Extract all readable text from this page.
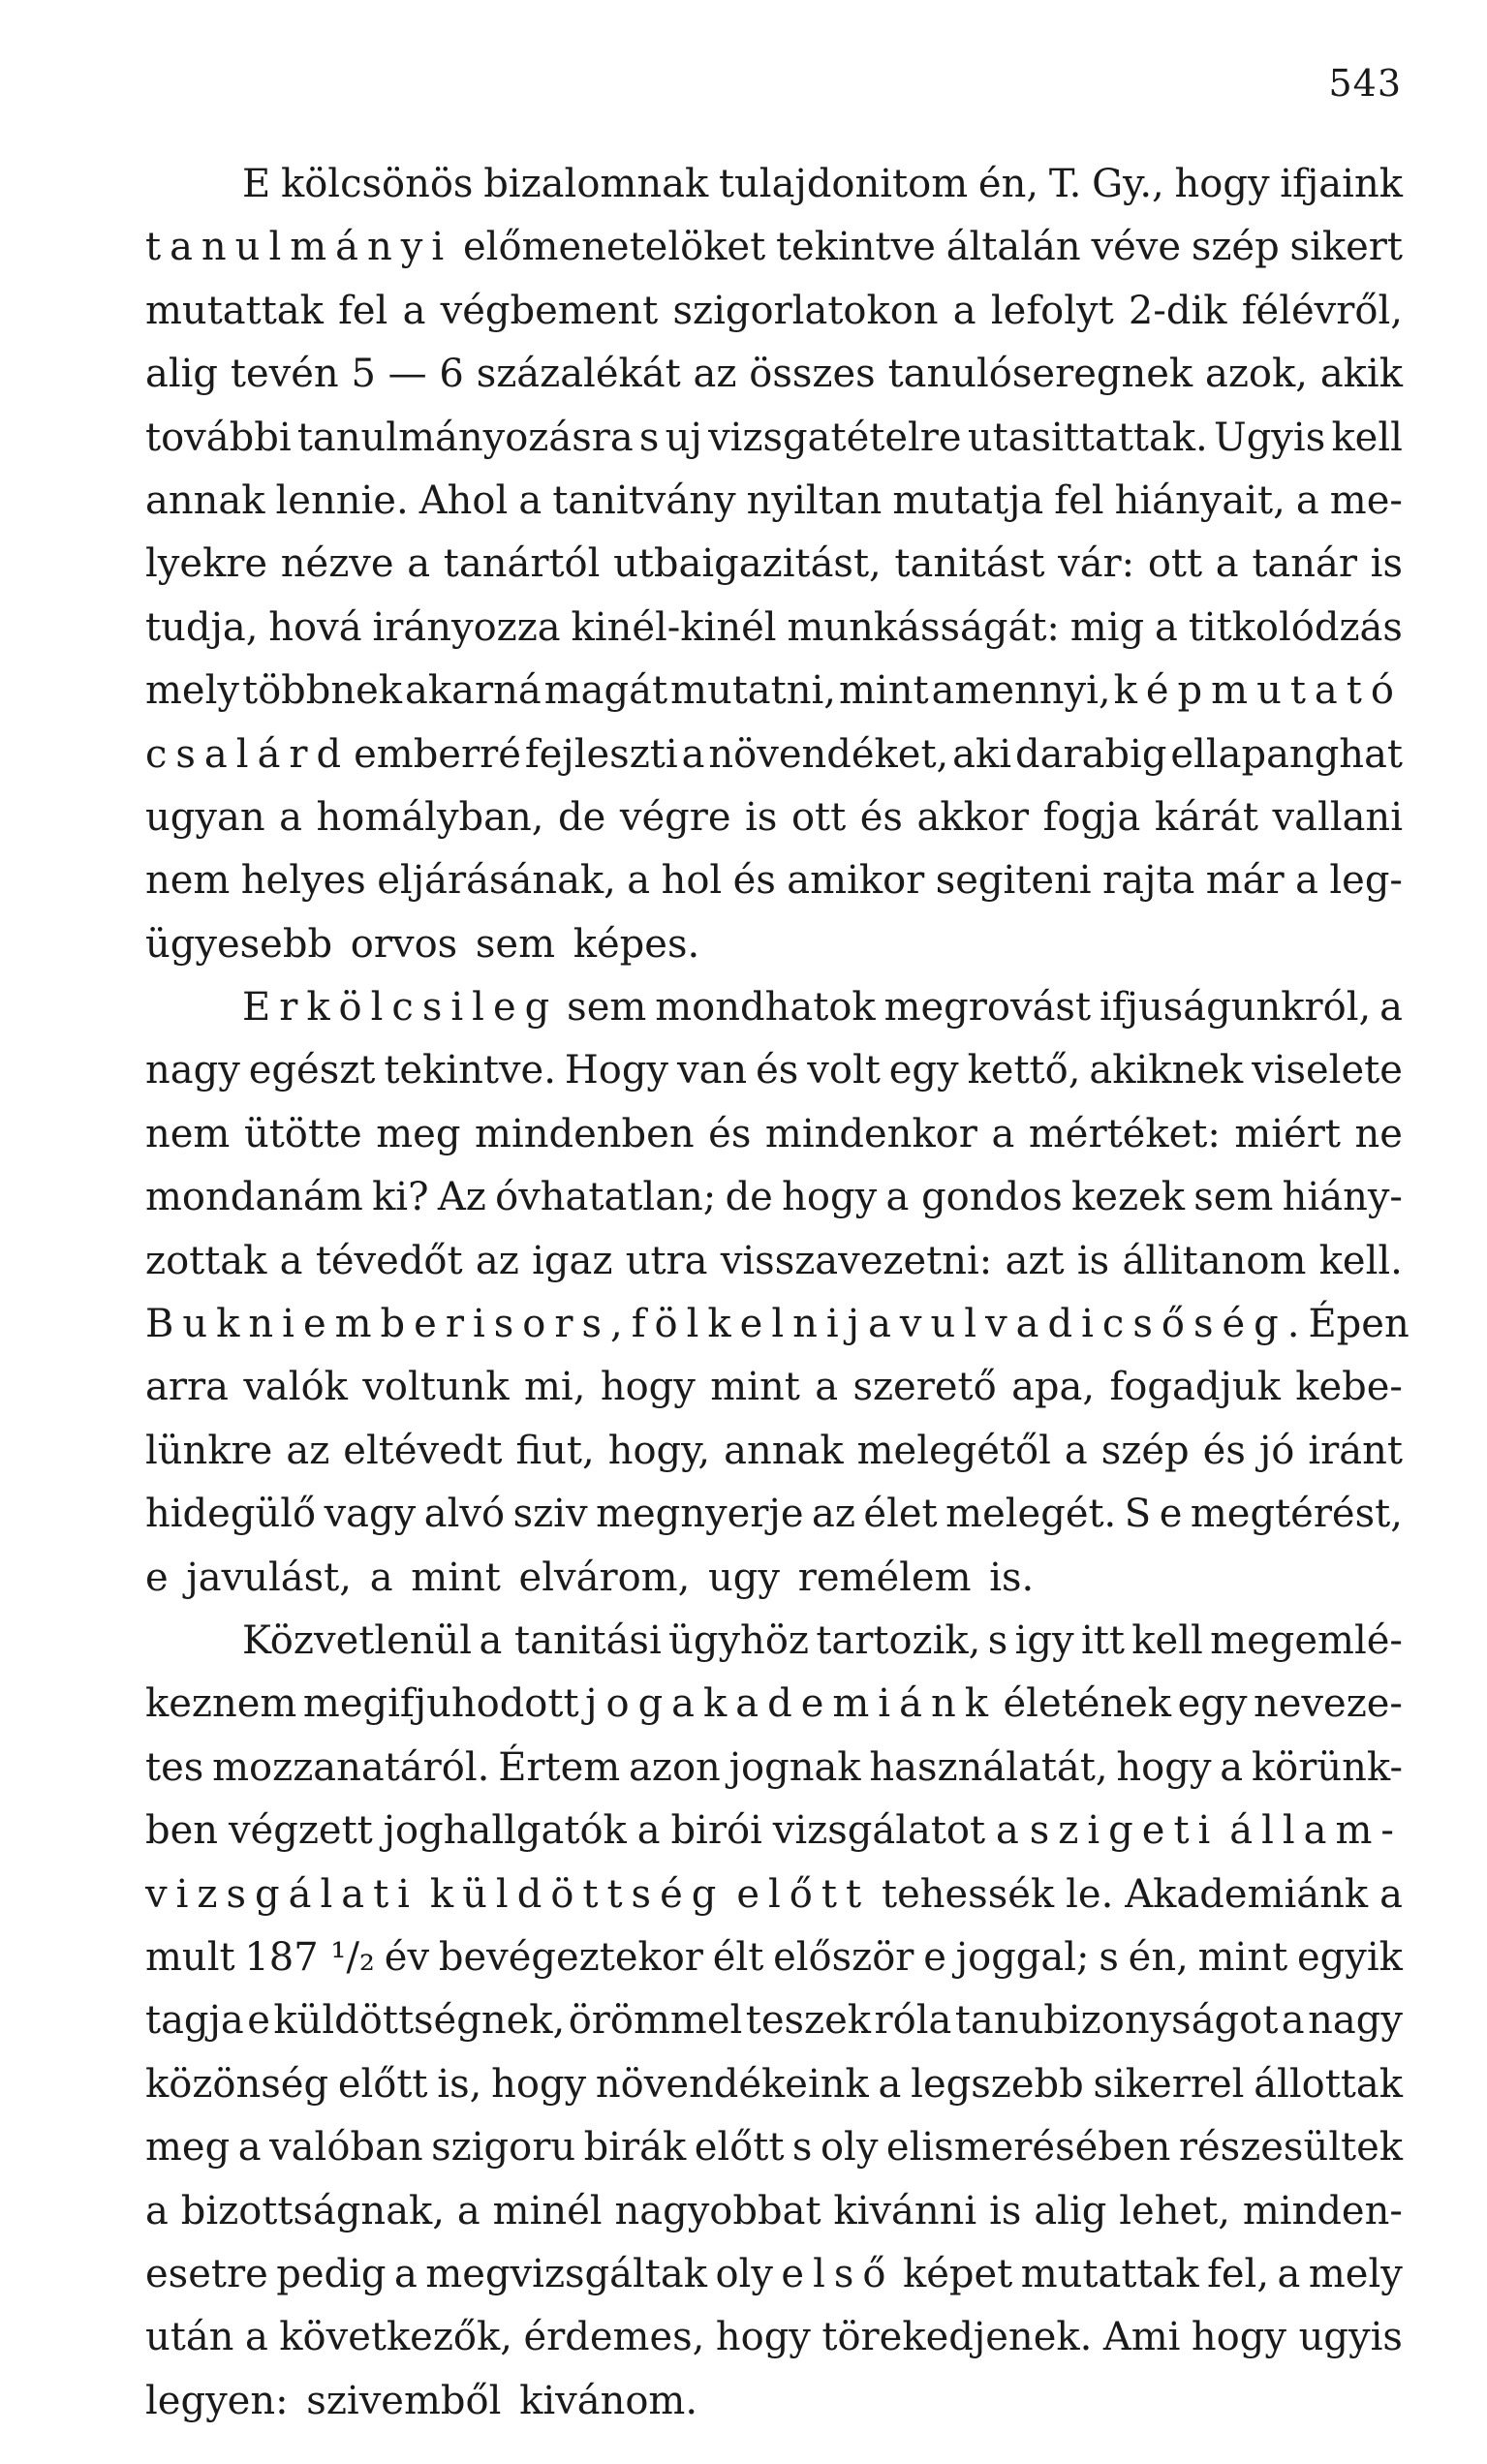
543
E kölcsönös bizalomnak tulajdonitom én, T. Gy., hogy ifjaink
tanulmányi előmenetelöket tekintve általán véve szép sikert
mutattak fel a végbement szigorlatokon a lefolyt 2-dik félévről,
alig tevén 5 — 6 százalékát az összes tanulóseregnek azok, akik
további tanulmányozásra s uj vizsgatételre utasittattak. Ugyis kell
annak lennie. Ahol a tanitvány nyiltan mutatja fel hiányait, a me-
lyekre nézve a tanártól utbaigazitást, tanitást vár: ott a tanár is
tudja, hová irányozza kinél-kinél munkásságát: mig a titkolódzás
mely többnek akarná magát mutatni, mint amennyi, képmutató
csalárd emberré fejleszti a növendéket, aki darabig ellapanghat
ugyan a homályban, de végre is ott és akkor fogja kárát vallani
nem helyes eljárásának, a hol és amikor segiteni rajta már a leg-
ügyesebb
orvos
sem
képes.
Erkölcsileg sem mondhatok megrovást ifjuságunkról, a
nagy egészt tekintve. Hogy van és volt egy kettő, akiknek viselete
nem ütötte meg mindenben és mindenkor a mértéket: miért ne
mondanám ki? Az óvhatatlan; de hogy a gondos kezek sem hiány-
zottak a tévedőt az igaz utra visszavezetni: azt is állitanom kell.
Bukni emberi sors, fölkelni javulva dicsőség. Épen
arra valók voltunk mi, hogy mint a szerető apa, fogadjuk kebe-
lünkre az eltévedt fiut, hogy, annak melegétől a szép és jó iránt
hidegülő vagy alvó sziv megnyerje az élet melegét. S e megtérést,
e
javulást,
a
mint
elvárom,
ugy
remélem
is.
Közvetlenül a tanitási ügyhöz tartozik, s igy itt kell megemlé-
keznem megifjuhodott jogakademiánk életének egy neveze-
tes mozzanatáról. Értem azon jognak használatát, hogy a körünk-
ben végzett joghallgatók a birói vizsgálatot a szigeti állam-
vizsgálati küldöttség előtt tehessék le. Akademiánk a
mult 187 ¹/₂ év bevégeztekor élt először e joggal; s én, mint egyik
tagja e küldöttségnek, örömmel teszek róla tanubizonyságot a nagy
közönség előtt is, hogy növendékeink a legszebb sikerrel állottak
meg a valóban szigoru birák előtt s oly elismerésében részesültek
a bizottságnak, a minél nagyobbat kivánni is alig lehet, minden-
esetre pedig a megvizsgáltak oly első képet mutattak fel, a mely
után a következők, érdemes, hogy törekedjenek. Ami hogy ugyis
legyen:
szivemből
kivánom.
